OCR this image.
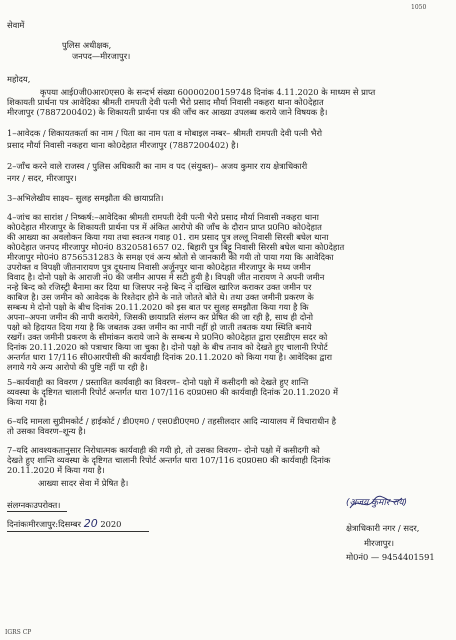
1050
सेवामें
पुलिस अधीक्षक,
जनपद—मीरजापुर।
महोदय,
कृपया आई0जी0आर0एस0 के सन्दर्भ संख्या 60000200159748 दिनांक 4.11.2020 के माध्यम से प्राप्त
शिकायती प्रार्थना पत्र आवेदिका श्रीमती रामपती देवी पत्नी भैरो प्रसाद मौर्या निवासी नकहरा थाना को0देहात
मीरजापुर (7887200402) के शिकायती प्रार्थना पत्र की जाँच कर आख्या उपलब्ध कराये जाने विषयक है।
1–आवेदक / शिकायतकर्ता का नाम / पिता का नाम पता व मोबाइल नम्बर– श्रीमती रामपती देवी पत्नी भैरो
प्रसाद मौर्या निवासी नकहरा थाना को0देहात मीरजापुर (7887200402) है।
2–जाँच करने वाले राजस्व / पुलिस अधिकारी का नाम व पद (संयुक्त)– अजय कुमार राय क्षेत्राधिकारी
नगर / सदर, मीरजापुर।
3–अभिलेखीय साक्ष्य– सुलह समझौता की छायाप्रति।
4–जांच का सारांश / निष्कर्ष:–आवेदिका श्रीमती रामपती देवी पत्नी भैरो प्रसाद मौर्या निवासी नकहरा थाना
को0देहात मीरजापुर के शिकायती प्रार्थना पत्र में अंकित आरोपो की जाँच के दौरान प्राप्त प्र0नि0 को0देहात
की आख्या का अवलोकन किया गया तथा स्वतन्त्र गवाह 01. राम प्रसाद पुत्र लल्लू निवासी सिरसी बघेल थाना
को0देहात जनपद मीरजापुर मो0नं0 8320581657 02. बिहारी पुत्र बिट्टू निवासी सिरसी बघेल थाना को0देहात
मीरजापुर मो0नं0 8756531283 के समक्ष एवं अन्य श्रोतो से जानकारी की गयी तो पाया गया कि आवेदिका
उपरोक्त व विपक्षी जीतनारायण पुत्र दूधनाथ निवासी अर्जुनपुर थाना को0देहात मीरजापुर के मध्य जमीन
विवाद है। दोनो पक्षो के आराजी नं0 की जमीन आपस मे सटी हुयी है। विपक्षी जीत नारायण ने अपनी जमीन
नन्हे बिन्द को रजिस्ट्री बैनामा कर दिया था जिसपर नन्हे बिन्द ने दाखिल खारिज कराकर उक्त जमीन पर
काबिज है। उस जमीन को आवेदक के रिश्तेदार होने के नाते जोतते बोते थे। तथा उक्त जमीनी प्रकरण के
सम्बन्ध मे दोनो पक्षो के बीच दिनांक 20.11.2020 को इस बात पर सुलह समझौता किया गया है कि
अपना–अपना जमीन की नापी करायेगे, जिसकी छायाप्रति संलग्न कर प्रेषित की जा रही है, साथ ही दोनो
पक्षो को हिदायत दिया गया है कि जबतक उक्त जमीन का नापी नहीं हो जाती तबतक यथा स्थिति बनाये
रखगें। उक्त जमीनी प्रकरण के सीमांकन कराये जाने के सम्बन्ध मे प्र0नि0 को0देहात द्वारा एसडीएम सदर को
दिनांक 20.11.2020 को पत्राचार किया जा चुका है। दोनो पक्षो के बीच तनाव को देखते हुए चालानी रिपोर्ट
अन्तर्गत धारा 17/116 सी0आरपीसी की कार्यवाही दिनांक 20.11.2020 को किया गया है। आवेदिका द्वारा
लगाये गये अन्य आरोपो की पुष्टि नहीं पा रही है।
5–कार्यवाही का विवरण / प्रस्तावित कार्यवाही का विवरण– दोनो पक्षो में कसीदगी को देखते हुए शान्ति
व्यवस्था के दृष्टिगत चालानी रिपोर्ट अन्तर्गत धारा 107/116 द0प्र0स0 की कार्यवाही दिनांक 20.11.2020 में
किया गया है।
6–यदि मामला सुप्रीमकोर्ट / हाईकोर्ट / डी0एम0 / एस0डी0एम0 / तहसीलदार आदि न्यायालय में विचाराधीन है
तो उसका विवरण–शून्य है।
7–यदि आवश्यकतानुसार निरोधात्मक कार्यवाही की गयी हो, तो उसका विवरण– दोनो पक्षो में कसीदगी को
देखते हुए शान्ति व्यवस्था के दृष्टिगत चालानी रिपोर्ट अन्तर्गत धारा 107/116 द0प्र0स0 की कार्यवाही दिनांक
20.11.2020 में किया गया है।
आख्या सादर सेवा में प्रेषित है।
संलग्नकःउपरोक्त।
दिनांकःमीरजापुर:दिसम्बर 20 2020
(अजय कुमार राय)
क्षेत्राधिकारी नगर / सदर,
मीरजापुर।
मो0नं0 — 9454401591
IGRS CP
